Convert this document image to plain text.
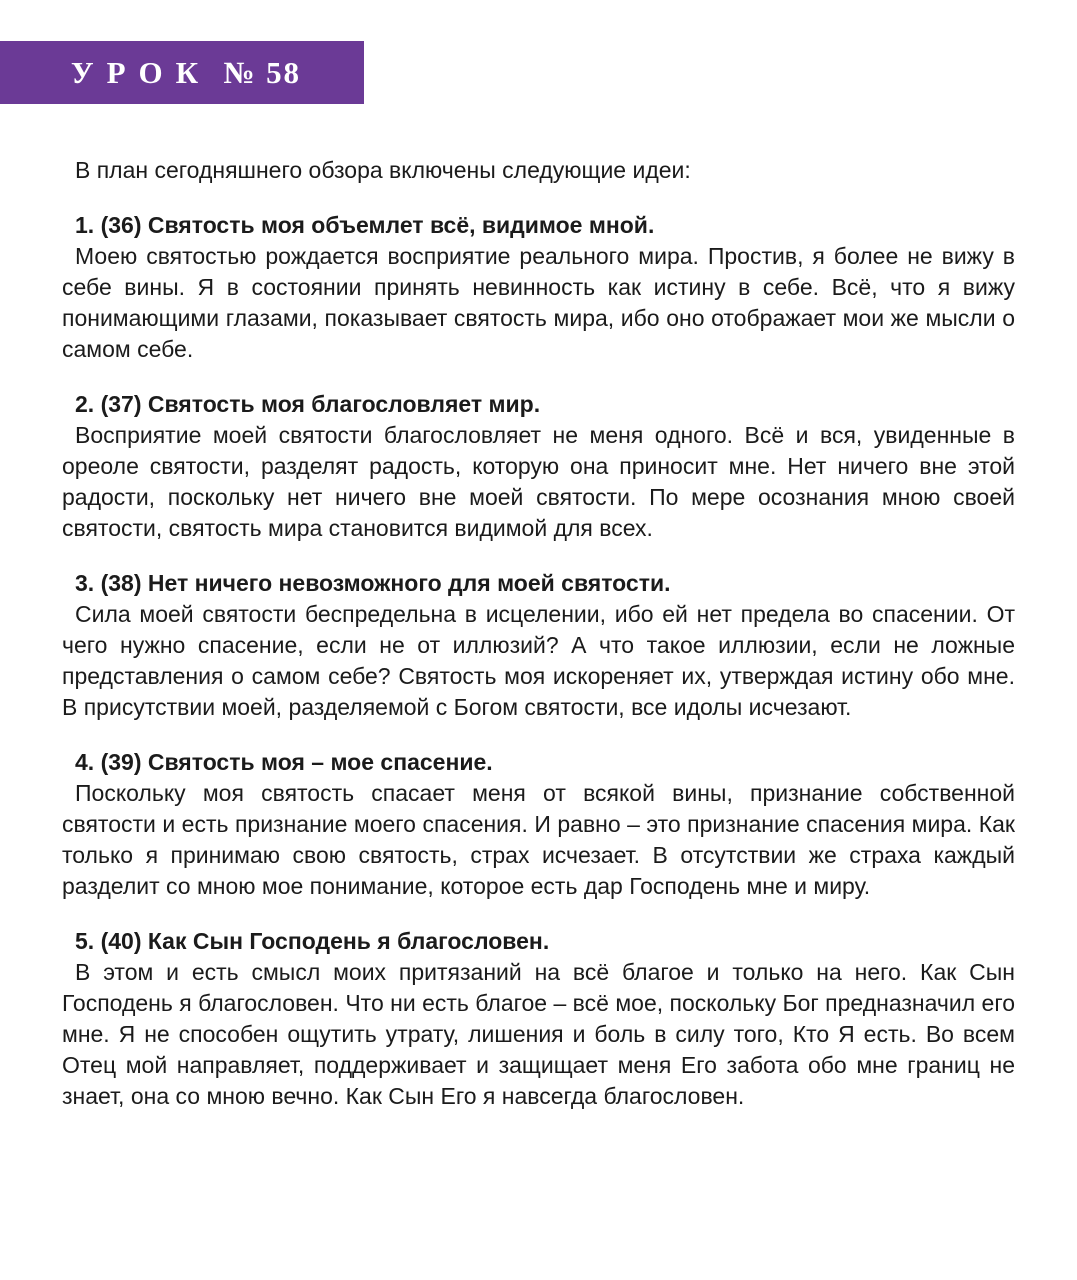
УРОК № 58

В план сегодняшнего обзора включены следующие идеи:

1. (36) Святость моя объемлет всё, видимое мной.

Моею святостью рождается восприятие реального мира. Простив, я более не вижу в себе вины. Я в состоянии принять невинность как истину в себе. Всё, что я вижу понимающими глазами, показывает святость мира, ибо оно отображает мои же мысли о самом себе.

2. (37) Святость моя благословляет мир.

Восприятие моей святости благословляет не меня одного. Всё и вся, увиденные в ореоле святости, разделят радость, которую она приносит мне. Нет ничего вне этой радости, поскольку нет ничего вне моей святости. По мере осознания мною своей святости, святость мира становится видимой для всех.

3. (38) Нет ничего невозможного для моей святости.

Сила моей святости беспредельна в исцелении, ибо ей нет предела во спасении. От чего нужно спасение, если не от иллюзий? А что такое иллюзии, если не ложные представления о самом себе? Святость моя искореняет их, утверждая истину обо мне. В присутствии моей, разделяемой с Богом святости, все идолы исчезают.

4. (39) Святость моя – мое спасение.

Поскольку моя святость спасает меня от всякой вины, признание собственной святости и есть признание моего спасения. И равно – это признание спасения мира. Как только я принимаю свою святость, страх исчезает. В отсутствии же страха каждый разделит со мною мое понимание, которое есть дар Господень мне и миру.

5. (40) Как Сын Господень я благословен.

В этом и есть смысл моих притязаний на всё благое и только на него. Как Сын Господень я благословен. Что ни есть благое – всё мое, поскольку Бог предназначил его мне. Я не способен ощутить утрату, лишения и боль в силу того, Кто Я есть. Во всем Отец мой направляет, поддерживает и защищает меня Его забота обо мне границ не знает, она со мною вечно. Как Сын Его я навсегда благословен.
